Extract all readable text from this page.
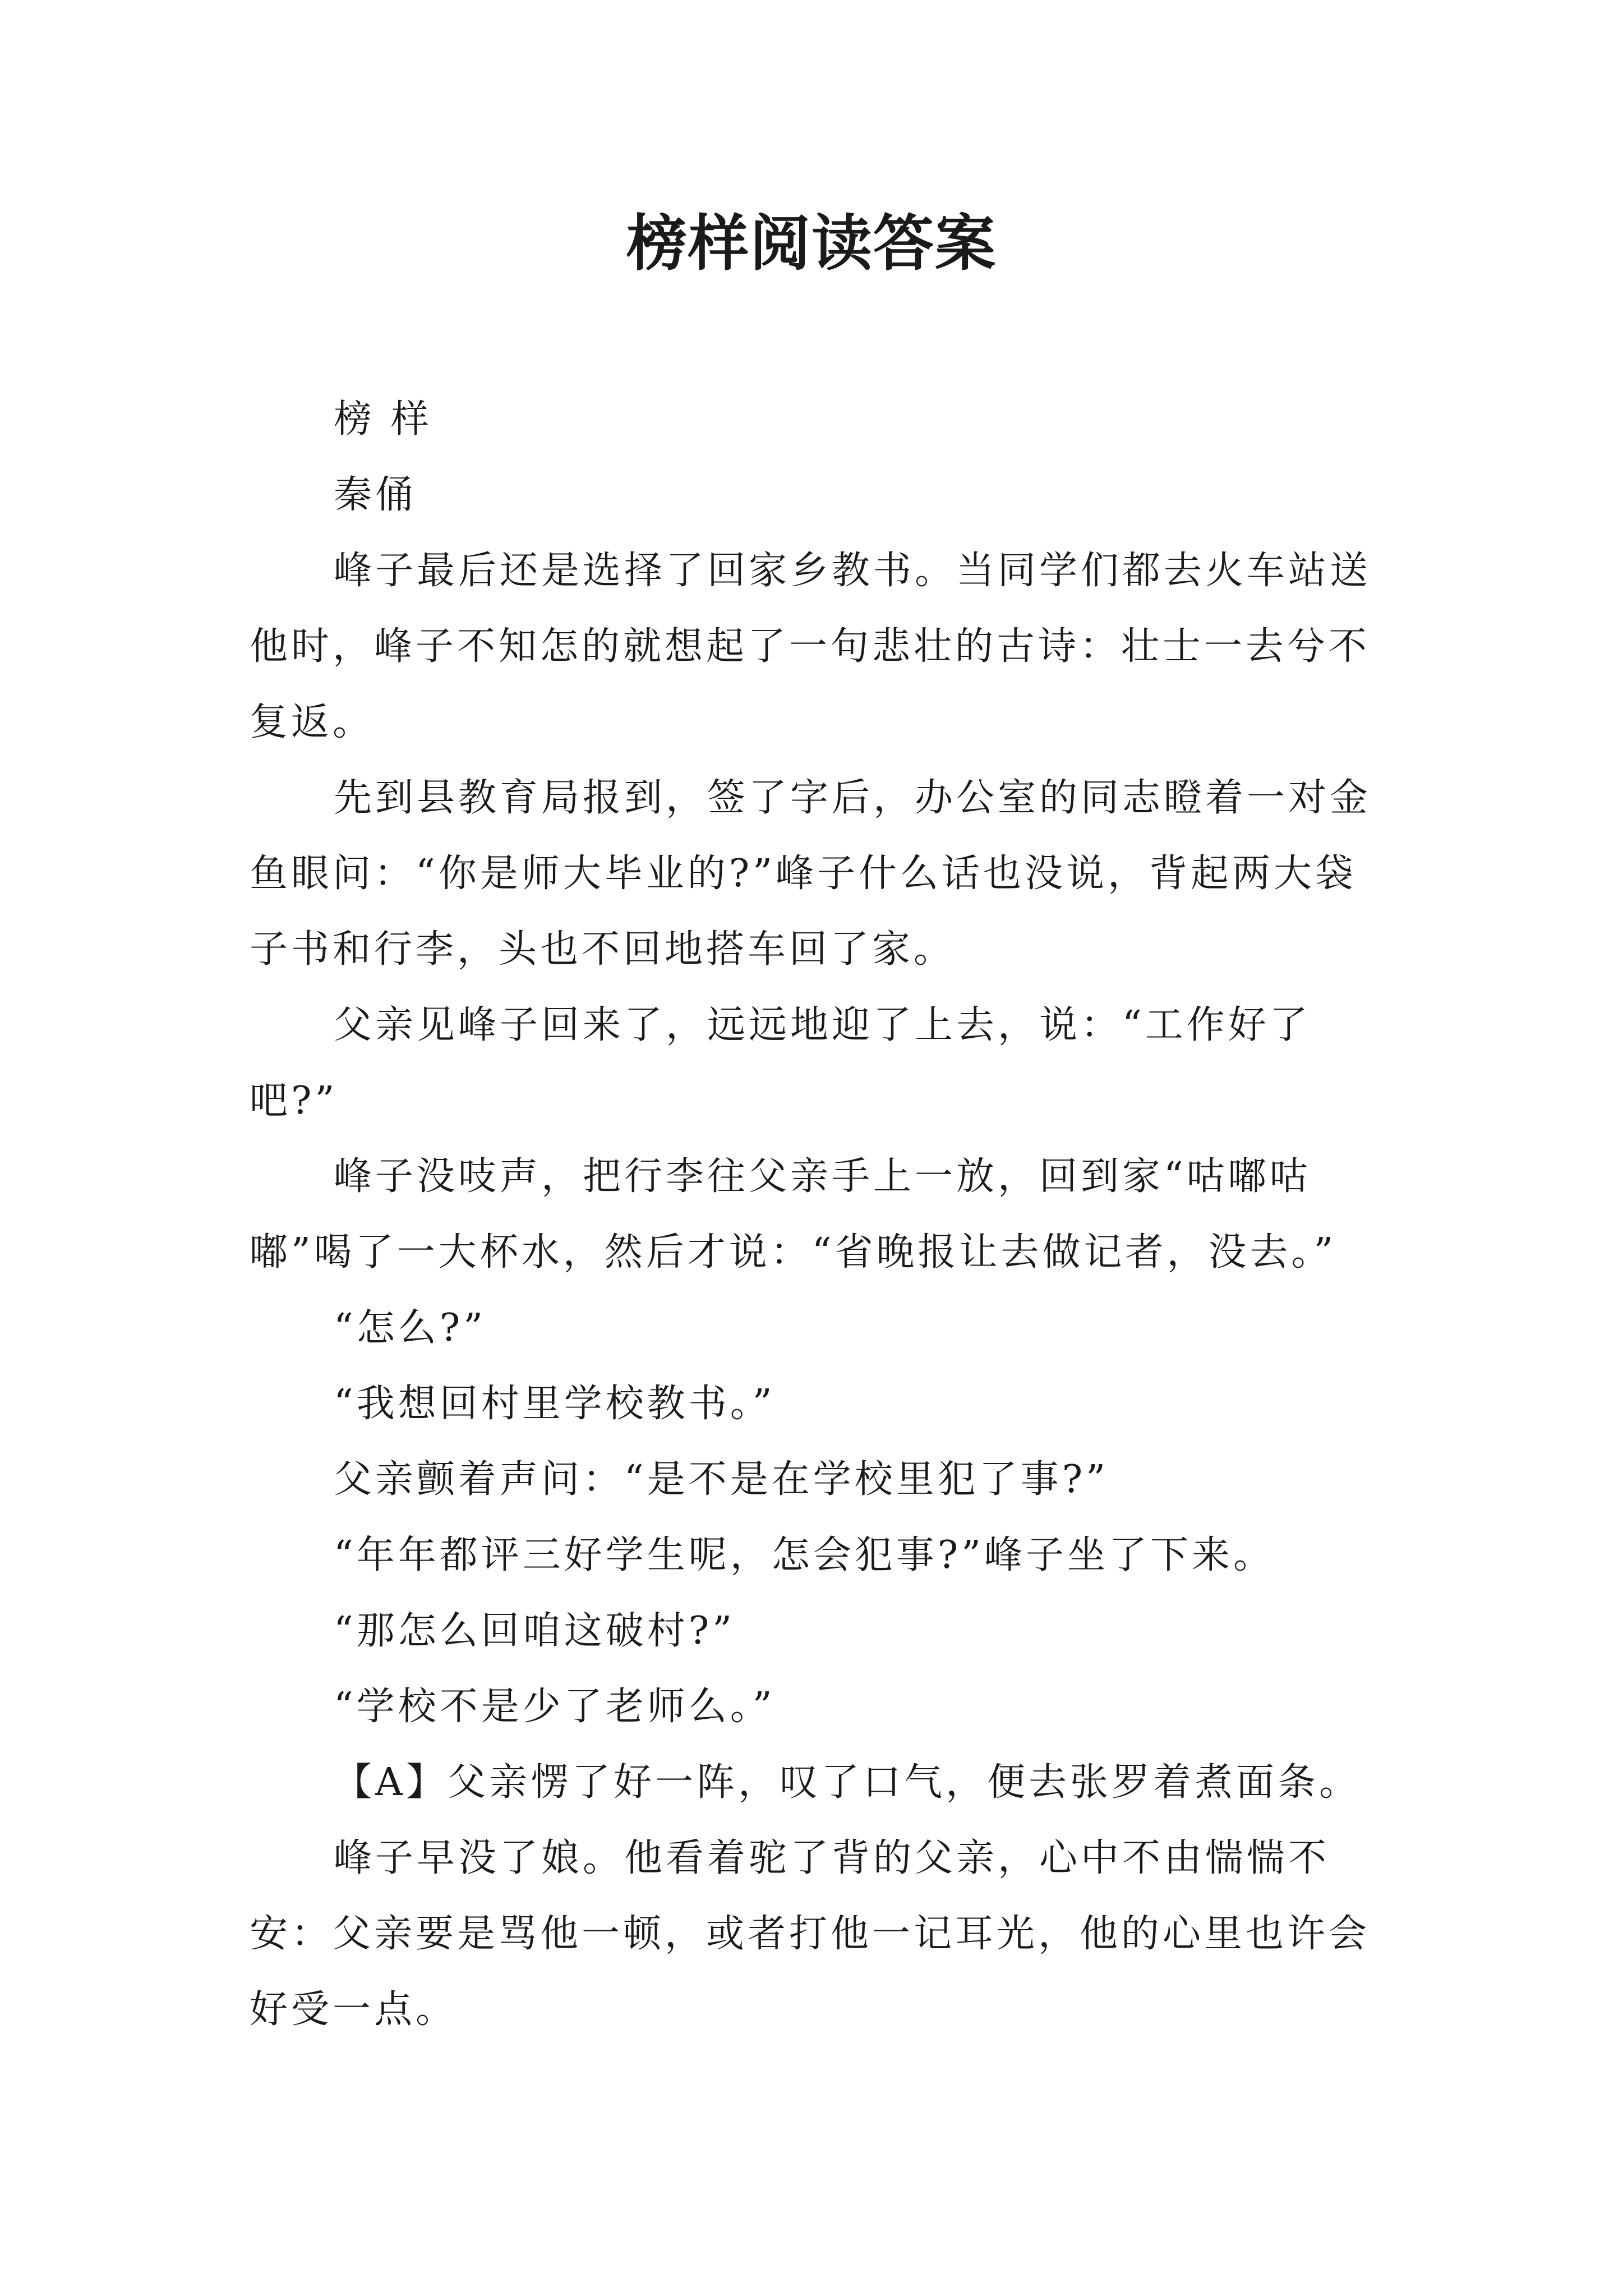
榜样阅读答案

榜 样

秦俑

峰子最后还是选择了回家乡教书。当同学们都去火车站送他时，峰子不知怎的就想起了一句悲壮的古诗：壮士一去兮不复返。

先到县教育局报到，签了字后，办公室的同志瞪着一对金鱼眼问：“你是师大毕业的?”峰子什么话也没说，背起两大袋子书和行李，头也不回地搭车回了家。

父亲见峰子回来了，远远地迎了上去，说：“工作好了吧?”

峰子没吱声，把行李往父亲手上一放，回到家“咕嘟咕嘟”喝了一大杯水，然后才说：“省晚报让去做记者，没去。”

“怎么?”

“我想回村里学校教书。”

父亲颤着声问：“是不是在学校里犯了事?”

“年年都评三好学生呢，怎会犯事?”峰子坐了下来。

“那怎么回咱这破村?”

“学校不是少了老师么。”

【A】父亲愣了好一阵，叹了口气，便去张罗着煮面条。

峰子早没了娘。他看着驼了背的父亲，心中不由惴惴不安：父亲要是骂他一顿，或者打他一记耳光，他的心里也许会好受一点。
